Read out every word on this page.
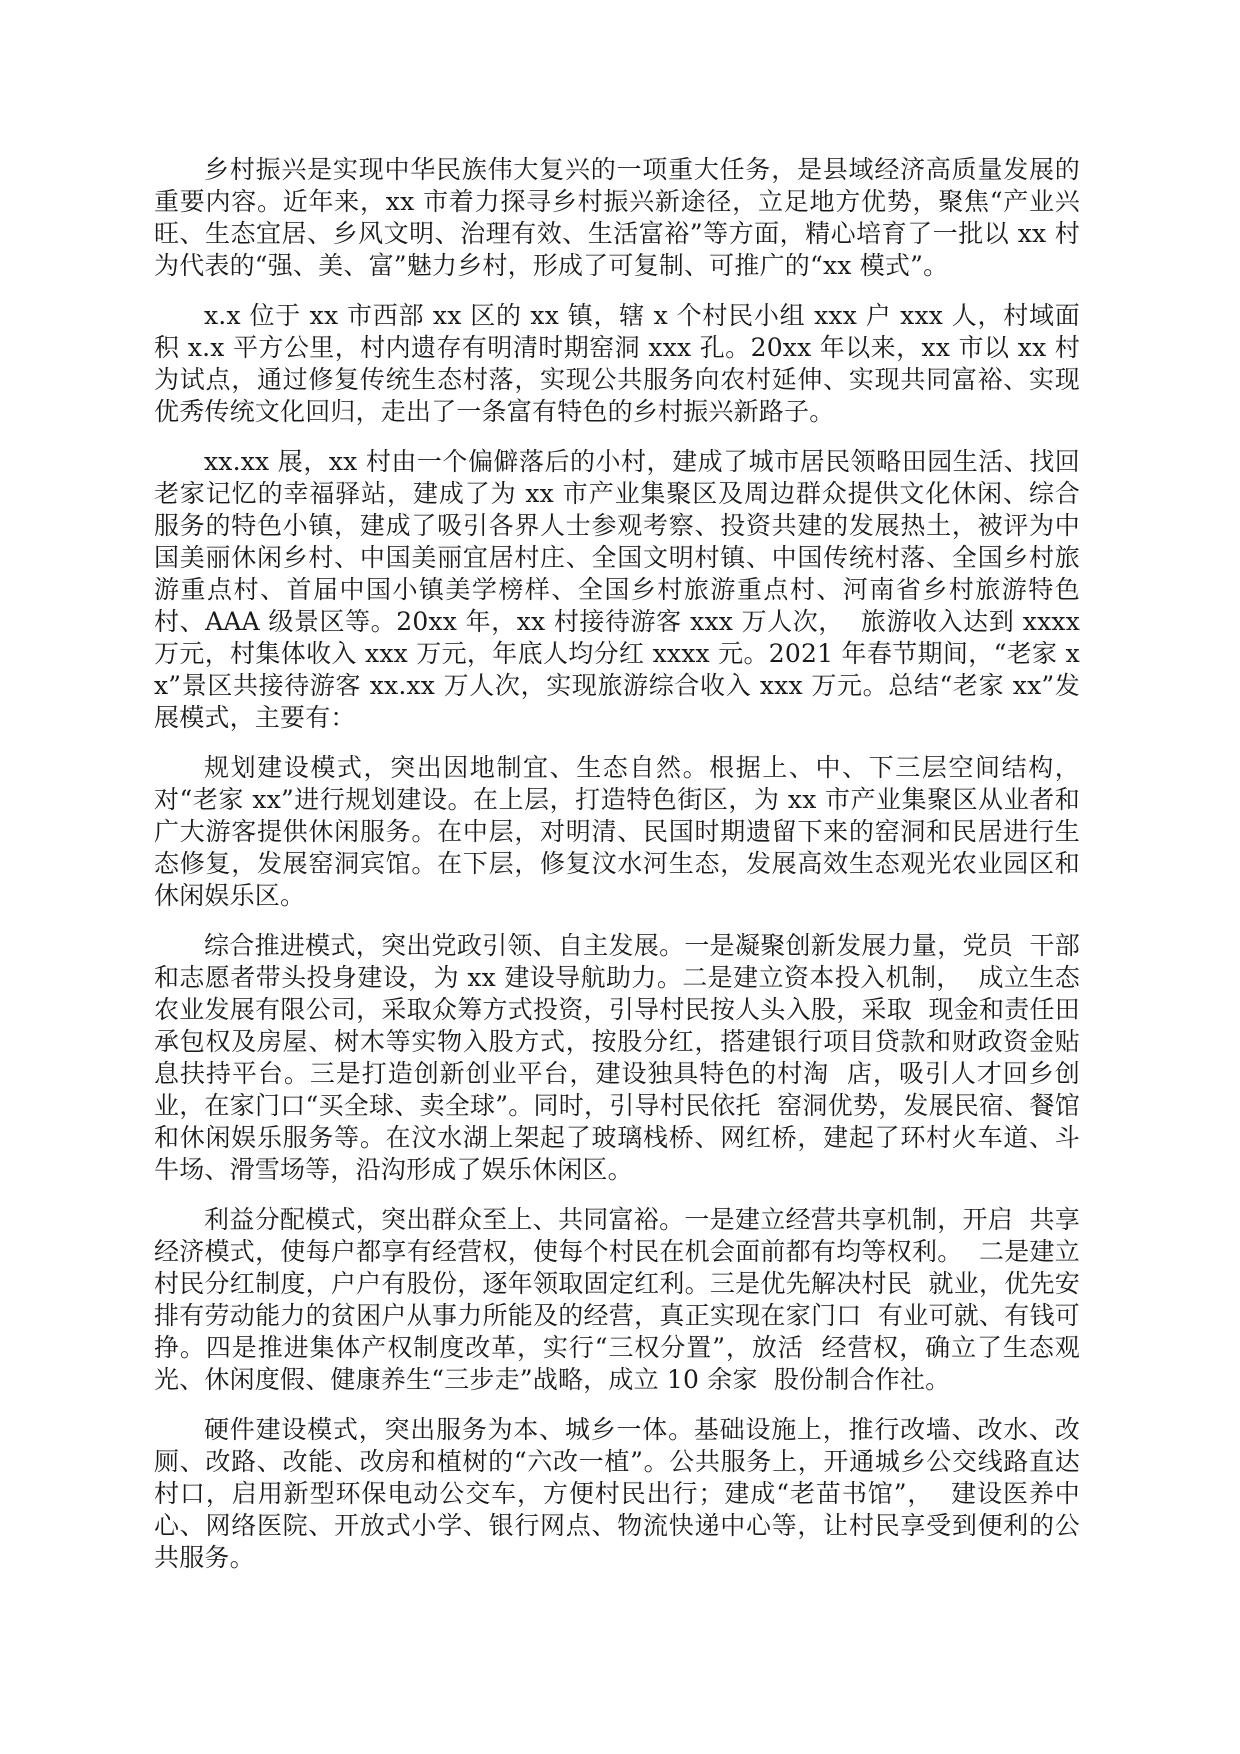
乡村振兴是实现中华民族伟大复兴的一项重大任务，是县域经济高质量发展的重要内容。近年来，xx 市着力探寻乡村振兴新途径，立足地方优势，聚焦“产业兴旺、生态宜居、乡风文明、治理有效、生活富裕”等方面，精心培育了一批以 xx 村为代表的“强、美、富”魅力乡村，形成了可复制、可推广的“xx 模式”。

x.x 位于 xx 市西部 xx 区的 xx 镇，辖 x 个村民小组 xxx 户 xxx 人，村域面积 x.x 平方公里，村内遗存有明清时期窑洞 xxx 孔。20xx 年以来，xx 市以 xx 村为试点，通过修复传统生态村落，实现公共服务向农村延伸、实现共同富裕、实现优秀传统文化回归，走出了一条富有特色的乡村振兴新路子。

xx.xx 展，xx 村由一个偏僻落后的小村，建成了城市居民领略田园生活、找回老家记忆的幸福驿站，建成了为 xx 市产业集聚区及周边群众提供文化休闲、综合服务的特色小镇，建成了吸引各界人士参观考察、投资共建的发展热土，被评为中国美丽休闲乡村、中国美丽宜居村庄、全国文明村镇、中国传统村落、全国乡村旅游重点村、首届中国小镇美学榜样、全国乡村旅游重点村、河南省乡村旅游特色村、AAA 级景区等。20xx 年，xx 村接待游客 xxx 万人次，  旅游收入达到 xxxx 万元，村集体收入 xxx 万元，年底人均分红 xxxx 元。2021 年春节期间，“老家 xx”景区共接待游客 xx.xx 万人次，实现旅游综合收入 xxx 万元。总结“老家 xx”发展模式，主要有：

规划建设模式，突出因地制宜、生态自然。根据上、中、下三层空间结构，  对“老家 xx”进行规划建设。在上层，打造特色街区，为 xx 市产业集聚区从业者和广大游客提供休闲服务。在中层，对明清、民国时期遗留下来的窑洞和民居进行生态修复，发展窑洞宾馆。在下层，修复汶水河生态，发展高效生态观光农业园区和休闲娱乐区。

综合推进模式，突出党政引领、自主发展。一是凝聚创新发展力量，党员  干部和志愿者带头投身建设，为 xx 建设导航助力。二是建立资本投入机制，  成立生态农业发展有限公司，采取众筹方式投资，引导村民按人头入股，采取  现金和责任田承包权及房屋、树木等实物入股方式，按股分红，搭建银行项目贷款和财政资金贴息扶持平台。三是打造创新创业平台，建设独具特色的村淘  店，吸引人才回乡创业，在家门口“买全球、卖全球”。同时，引导村民依托  窑洞优势，发展民宿、餐馆和休闲娱乐服务等。在汶水湖上架起了玻璃栈桥、网红桥，建起了环村火车道、斗牛场、滑雪场等，沿沟形成了娱乐休闲区。

利益分配模式，突出群众至上、共同富裕。一是建立经营共享机制，开启  共享经济模式，使每户都享有经营权，使每个村民在机会面前都有均等权利。  二是建立村民分红制度，户户有股份，逐年领取固定红利。三是优先解决村民  就业，优先安排有劳动能力的贫困户从事力所能及的经营，真正实现在家门口  有业可就、有钱可挣。四是推进集体产权制度改革，实行“三权分置”，放活  经营权，确立了生态观光、休闲度假、健康养生“三步走”战略，成立 10 余家  股份制合作社。

硬件建设模式，突出服务为本、城乡一体。基础设施上，推行改墙、改水、改厕、改路、改能、改房和植树的“六改一植”。公共服务上，开通城乡公交线路直达村口，启用新型环保电动公交车，方便村民出行；建成“老苗书馆”，  建设医养中心、网络医院、开放式小学、银行网点、物流快递中心等，让村民享受到便利的公共服务。
